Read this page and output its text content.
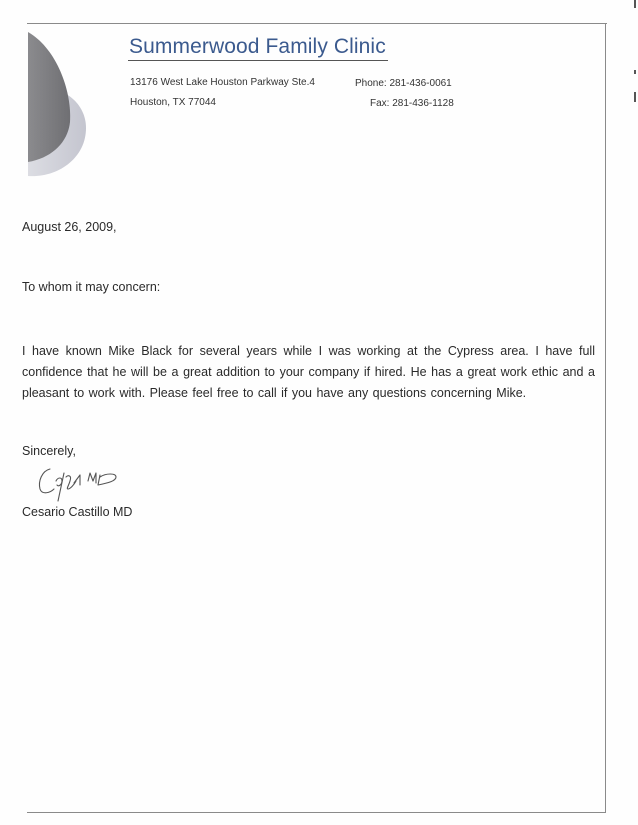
Summerwood Family Clinic
13176 West Lake Houston Parkway Ste.4
Houston, TX 77044
Phone: 281-436-0061
Fax: 281-436-1128
August 26, 2009,
To whom it may concern:
I have known Mike Black for several years while I was working at the Cypress area. I have full confidence that he will be a great addition to your company if hired. He has a great work ethic and a pleasant to work with. Please feel free to call if you have any questions concerning Mike.
Sincerely,
Cesario Castillo MD
